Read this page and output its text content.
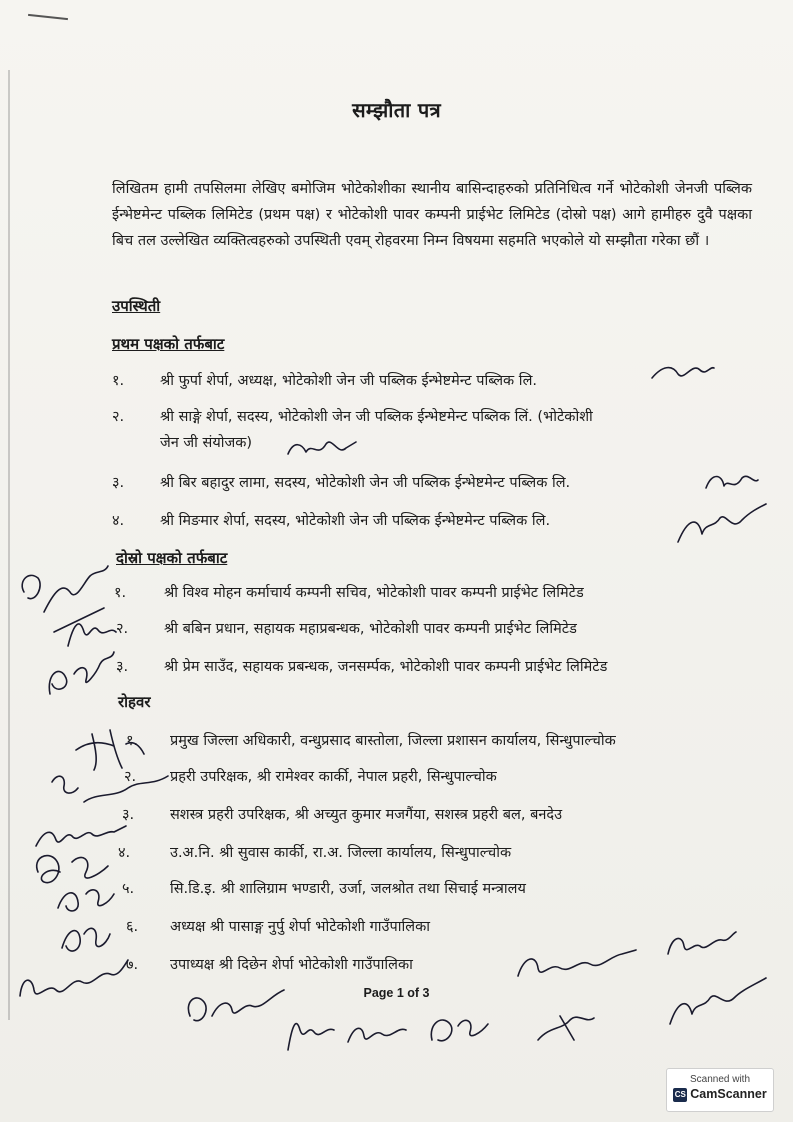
सम्झौता पत्र
लिखितम हामी तपसिलमा लेखिए बमोजिम भोटेकोशीका स्थानीय बासिन्दाहरुको प्रतिनिधित्व गर्ने भोटेकोशी जेनजी पब्लिक ईन्भेष्टमेन्ट पब्लिक लिमिटेड (प्रथम पक्ष) र भोटेकोशी पावर कम्पनी प्राईभेट लिमिटेड (दोस्रो पक्ष) आगे हामीहरु दुवै पक्षका बिच तल उल्लेखित व्यक्तित्वहरुको उपस्थिती एवम् रोहवरमा निम्न विषयमा सहमति भएकोले यो सम्झौता गरेका छौं ।
उपस्थिती
प्रथम पक्षको तर्फबाट
१.	श्री फुर्पा शेर्पा, अध्यक्ष, भोटेकोशी जेन जी पब्लिक ईन्भेष्टमेन्ट पब्लिक लि.
२.	श्री साङ्गे शेर्पा, सदस्य, भोटेकोशी जेन जी पब्लिक ईन्भेष्टमेन्ट पब्लिक लिं. (भोटेकोशी
जेन जी संयोजक)
३.	श्री बिर बहादुर लामा, सदस्य, भोटेकोशी जेन जी पब्लिक ईन्भेष्टमेन्ट पब्लिक लि.
४.	श्री मिङमार शेर्पा, सदस्य, भोटेकोशी जेन जी पब्लिक ईन्भेष्टमेन्ट पब्लिक लि.
दोस्रो पक्षको तर्फबाट
१.	श्री विश्व मोहन कर्माचार्य कम्पनी सचिव, भोटेकोशी पावर कम्पनी प्राईभेट लिमिटेड
२.	श्री बबिन प्रधान, सहायक महाप्रबन्धक, भोटेकोशी पावर कम्पनी प्राईभेट लिमिटेड
३.	श्री प्रेम साउँद, सहायक प्रबन्धक, जनसर्म्पक, भोटेकोशी पावर कम्पनी प्राईभेट लिमिटेड
रोहवर
१.	प्रमुख जिल्ला अधिकारी, वन्धुप्रसाद बास्तोला, जिल्ला प्रशासन कार्यालय, सिन्धुपाल्चोक
२.	प्रहरी उपरिक्षक, श्री रामेश्वर कार्की, नेपाल प्रहरी, सिन्धुपाल्चोक
३.	सशस्त्र प्रहरी उपरिक्षक, श्री अच्युत कुमार मजगैंया, सशस्त्र प्रहरी बल, बनदेउ
४.	उ.अ.नि. श्री सुवास कार्की, रा.अ. जिल्ला कार्यालय, सिन्धुपाल्चोक
५.	सि.डि.इ. श्री शालिग्राम भण्डारी, उर्जा, जलश्रोत तथा सिचाई मन्त्रालय
६.	अध्यक्ष श्री पासाङ्ग नुर्पु शेर्पा भोटेकोशी गाउँपालिका
७.	उपाध्यक्ष श्री दिछेन शेर्पा भोटेकोशी गाउँपालिका
Page 1 of 3
Scanned with
CS CamScanner
